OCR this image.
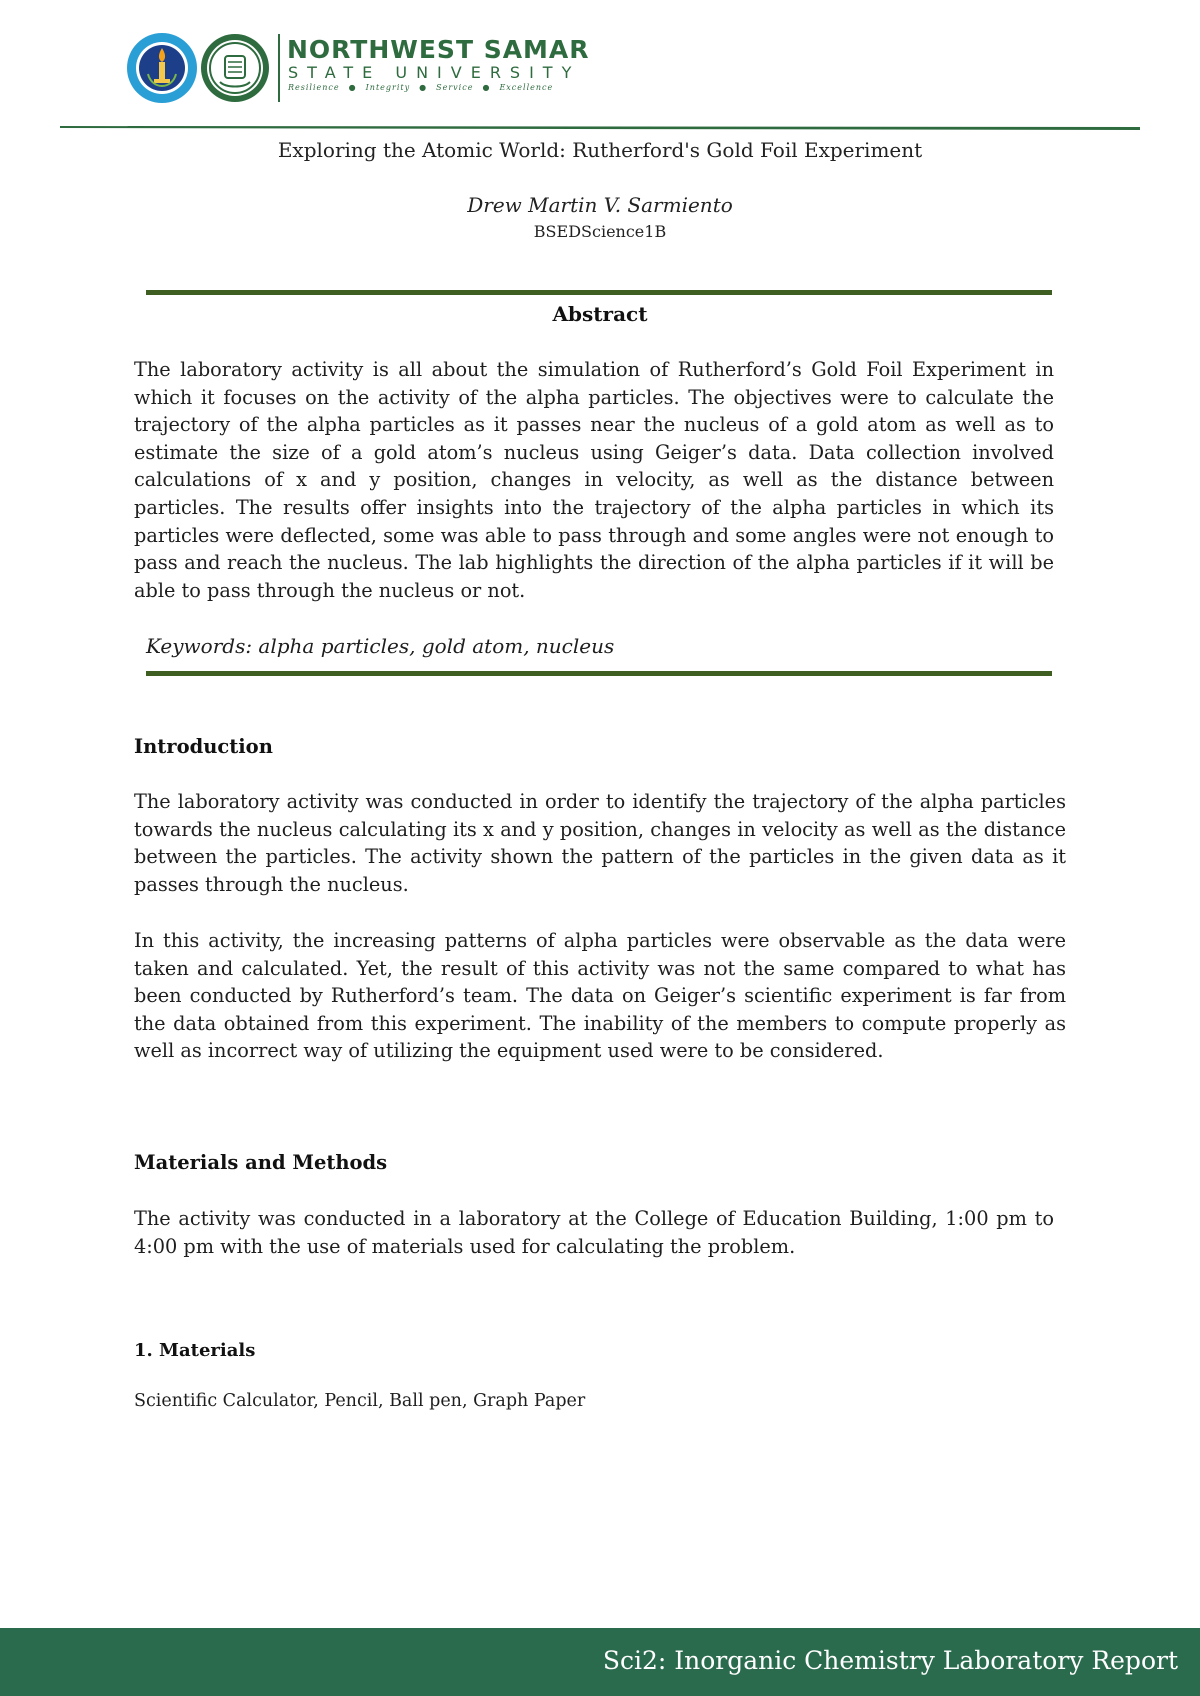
NORTHWEST SAMAR
STATE UNIVERSITY
Resilience ● Integrity ● Service ● Excellence
Exploring the Atomic World: Rutherford's Gold Foil Experiment
Drew Martin V. Sarmiento
BSEDScience1B
Abstract

The laboratory activity is all about the simulation of Rutherford’s Gold Foil Experiment in which it focuses on the activity of the alpha particles. The objectives were to calculate the trajectory of the alpha particles as it passes near the nucleus of a gold atom as well as to estimate the size of a gold atom’s nucleus using Geiger’s data. Data collection involved calculations of x and y position, changes in velocity, as well as the distance between particles. The results offer insights into the trajectory of the alpha particles in which its particles were deflected, some was able to pass through and some angles were not enough to pass and reach the nucleus. The lab highlights the direction of the alpha particles if it will be able to pass through the nucleus or not.

Keywords: alpha particles, gold atom, nucleus
Introduction

The laboratory activity was conducted in order to identify the trajectory of the alpha particles towards the nucleus calculating its x and y position, changes in velocity as well as the distance between the particles. The activity shown the pattern of the particles in the given data as it passes through the nucleus.

In this activity, the increasing patterns of alpha particles were observable as the data were taken and calculated. Yet, the result of this activity was not the same compared to what has been conducted by Rutherford’s team. The data on Geiger’s scientific experiment is far from the data obtained from this experiment. The inability of the members to compute properly as well as incorrect way of utilizing the equipment used were to be considered.

Materials and Methods

The activity was conducted in a laboratory at the College of Education Building, 1:00 pm to 4:00 pm with the use of materials used for calculating the problem.

1. Materials
Scientific Calculator, Pencil, Ball pen, Graph Paper
Sci2: Inorganic Chemistry Laboratory Report
